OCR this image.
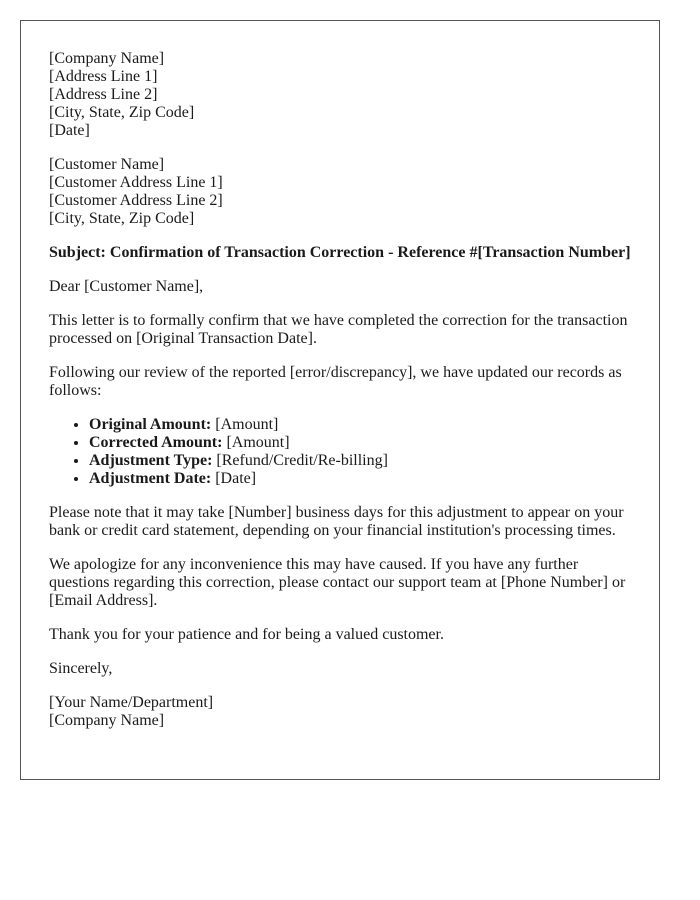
[Company Name]
[Address Line 1]
[Address Line 2]
[City, State, Zip Code]
[Date]
[Customer Name]
[Customer Address Line 1]
[Customer Address Line 2]
[City, State, Zip Code]

Subject: Confirmation of Transaction Correction - Reference #[Transaction Number]

Dear [Customer Name],

This letter is to formally confirm that we have completed the correction for the transaction processed on [Original Transaction Date].

Following our review of the reported [error/discrepancy], we have updated our records as follows:

• Original Amount: [Amount]
• Corrected Amount: [Amount]
• Adjustment Type: [Refund/Credit/Re-billing]
• Adjustment Date: [Date]

Please note that it may take [Number] business days for this adjustment to appear on your bank or credit card statement, depending on your financial institution's processing times.

We apologize for any inconvenience this may have caused. If you have any further questions regarding this correction, please contact our support team at [Phone Number] or [Email Address].

Thank you for your patience and for being a valued customer.

Sincerely,

[Your Name/Department]
[Company Name]
